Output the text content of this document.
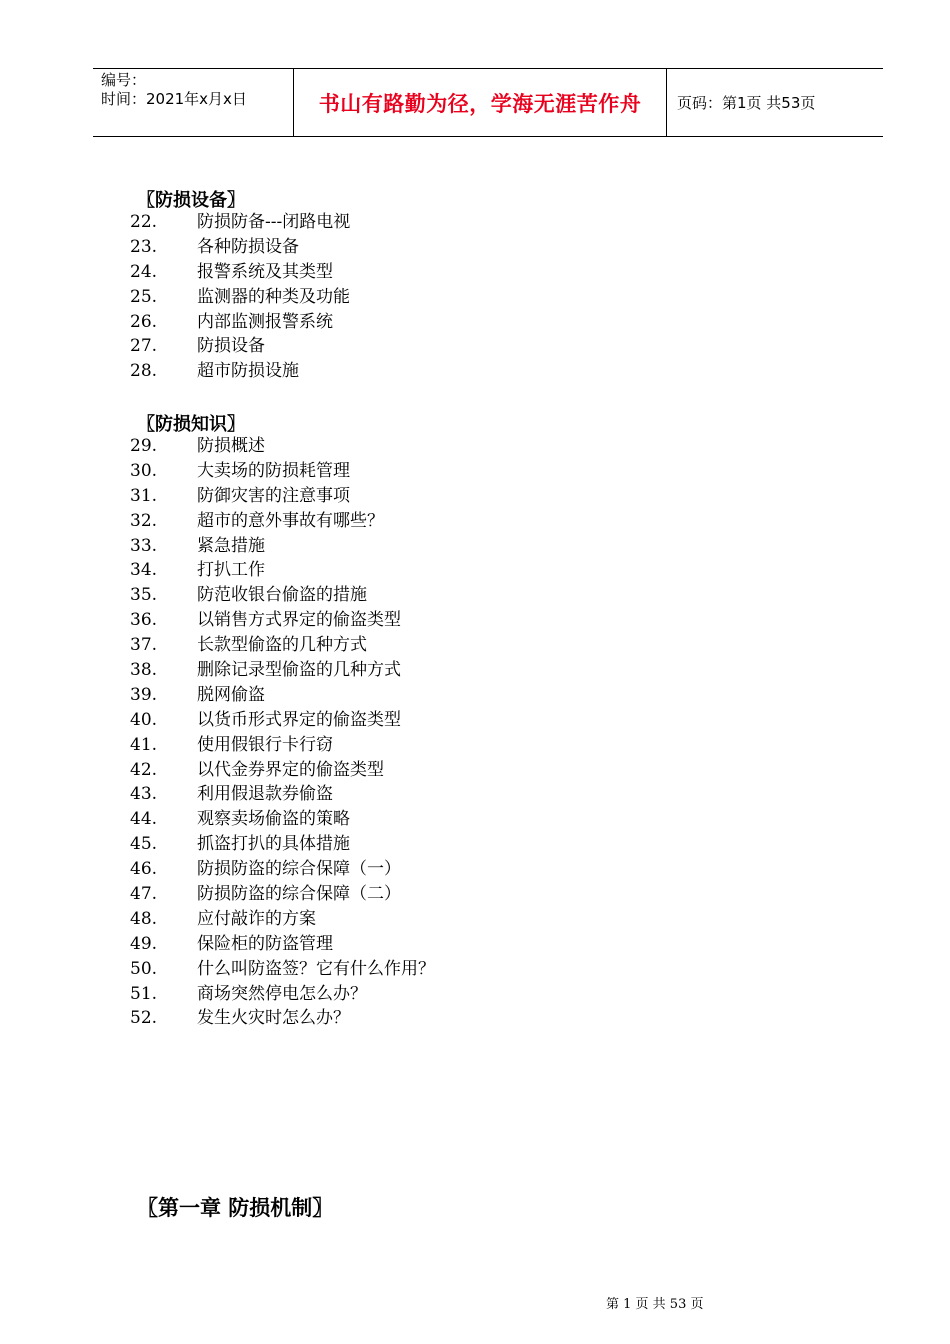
编号：
时间：2021年x月x日	书山有路勤为径，学海无涯苦作舟	页码：第1页 共53页
〖防损设备〗
22. 防损防备---闭路电视
23. 各种防损设备
24. 报警系统及其类型
25. 监测器的种类及功能
26. 内部监测报警系统
27. 防损设备
28. 超市防损设施
〖防损知识〗
29. 防损概述
30. 大卖场的防损耗管理
31. 防御灾害的注意事项
32. 超市的意外事故有哪些？
33. 紧急措施
34. 打扒工作
35. 防范收银台偷盗的措施
36. 以销售方式界定的偷盗类型
37. 长款型偷盗的几种方式
38. 删除记录型偷盗的几种方式
39. 脱网偷盗
40. 以货币形式界定的偷盗类型
41. 使用假银行卡行窃
42. 以代金券界定的偷盗类型
43. 利用假退款券偷盗
44. 观察卖场偷盗的策略
45. 抓盗打扒的具体措施
46. 防损防盗的综合保障（一）
47. 防损防盗的综合保障（二）
48. 应付敲诈的方案
49. 保险柜的防盗管理
50. 什么叫防盗签？它有什么作用？
51. 商场突然停电怎么办？
52. 发生火灾时怎么办？
〖第一章 防损机制〗
第 1 页 共 53 页
